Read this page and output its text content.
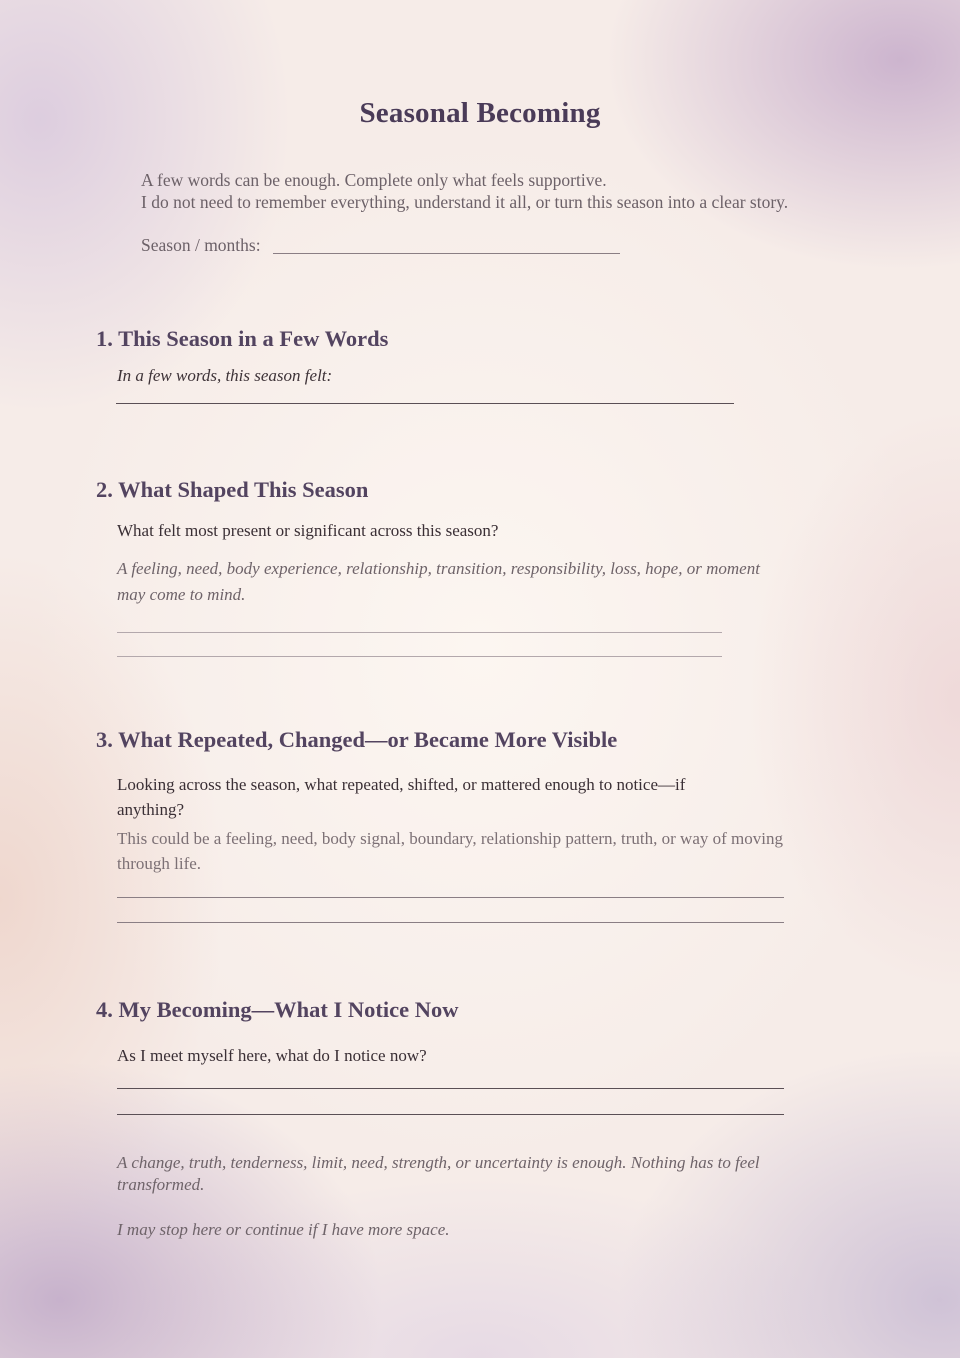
Seasonal Becoming

A few words can be enough. Complete only what feels supportive.

I do not need to remember everything, understand it all, or turn this season into a clear story.

Season / months:
1. This Season in a Few Words

In a few words, this season felt:

2. What Shaped This Season

What felt most present or significant across this season?

A feeling, need, body experience, relationship, transition, responsibility, loss, hope, or moment may come to mind.

3. What Repeated, Changed—or Became More Visible

Looking across the season, what repeated, shifted, or mattered enough to notice—if anything?

This could be a feeling, need, body signal, boundary, relationship pattern, truth, or way of moving through life.

4. My Becoming—What I Notice Now

As I meet myself here, what do I notice now?

A change, truth, tenderness, limit, need, strength, or uncertainty is enough. Nothing has to feel transformed.

I may stop here or continue if I have more space.
